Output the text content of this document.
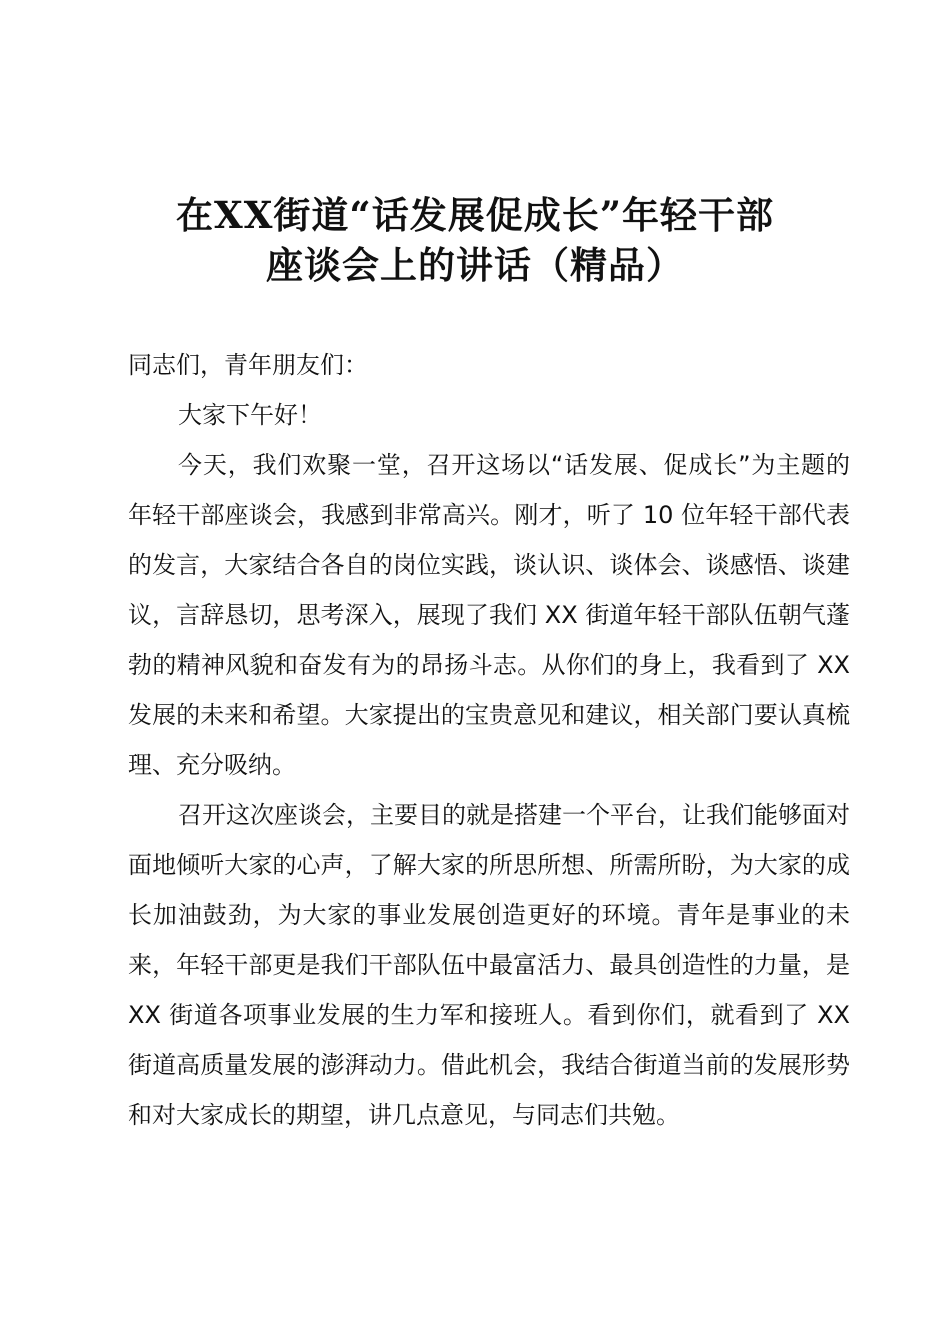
在XX街道“话发展促成长”年轻干部
座谈会上的讲话（精品）

同志们，青年朋友们：

大家下午好！

今天，我们欢聚一堂，召开这场以“话发展、促成长”为主题的年轻干部座谈会，我感到非常高兴。刚才，听了 10 位年轻干部代表的发言，大家结合各自的岗位实践，谈认识、谈体会、谈感悟、谈建议，言辞恳切，思考深入，展现了我们 XX 街道年轻干部队伍朝气蓬勃的精神风貌和奋发有为的昂扬斗志。从你们的身上，我看到了 XX 发展的未来和希望。大家提出的宝贵意见和建议，相关部门要认真梳理、充分吸纳。

召开这次座谈会，主要目的就是搭建一个平台，让我们能够面对面地倾听大家的心声，了解大家的所思所想、所需所盼，为大家的成长加油鼓劲，为大家的事业发展创造更好的环境。青年是事业的未来，年轻干部更是我们干部队伍中最富活力、最具创造性的力量，是 XX 街道各项事业发展的生力军和接班人。看到你们，就看到了 XX 街道高质量发展的澎湃动力。借此机会，我结合街道当前的发展形势和对大家成长的期望，讲几点意见，与同志们共勉。
